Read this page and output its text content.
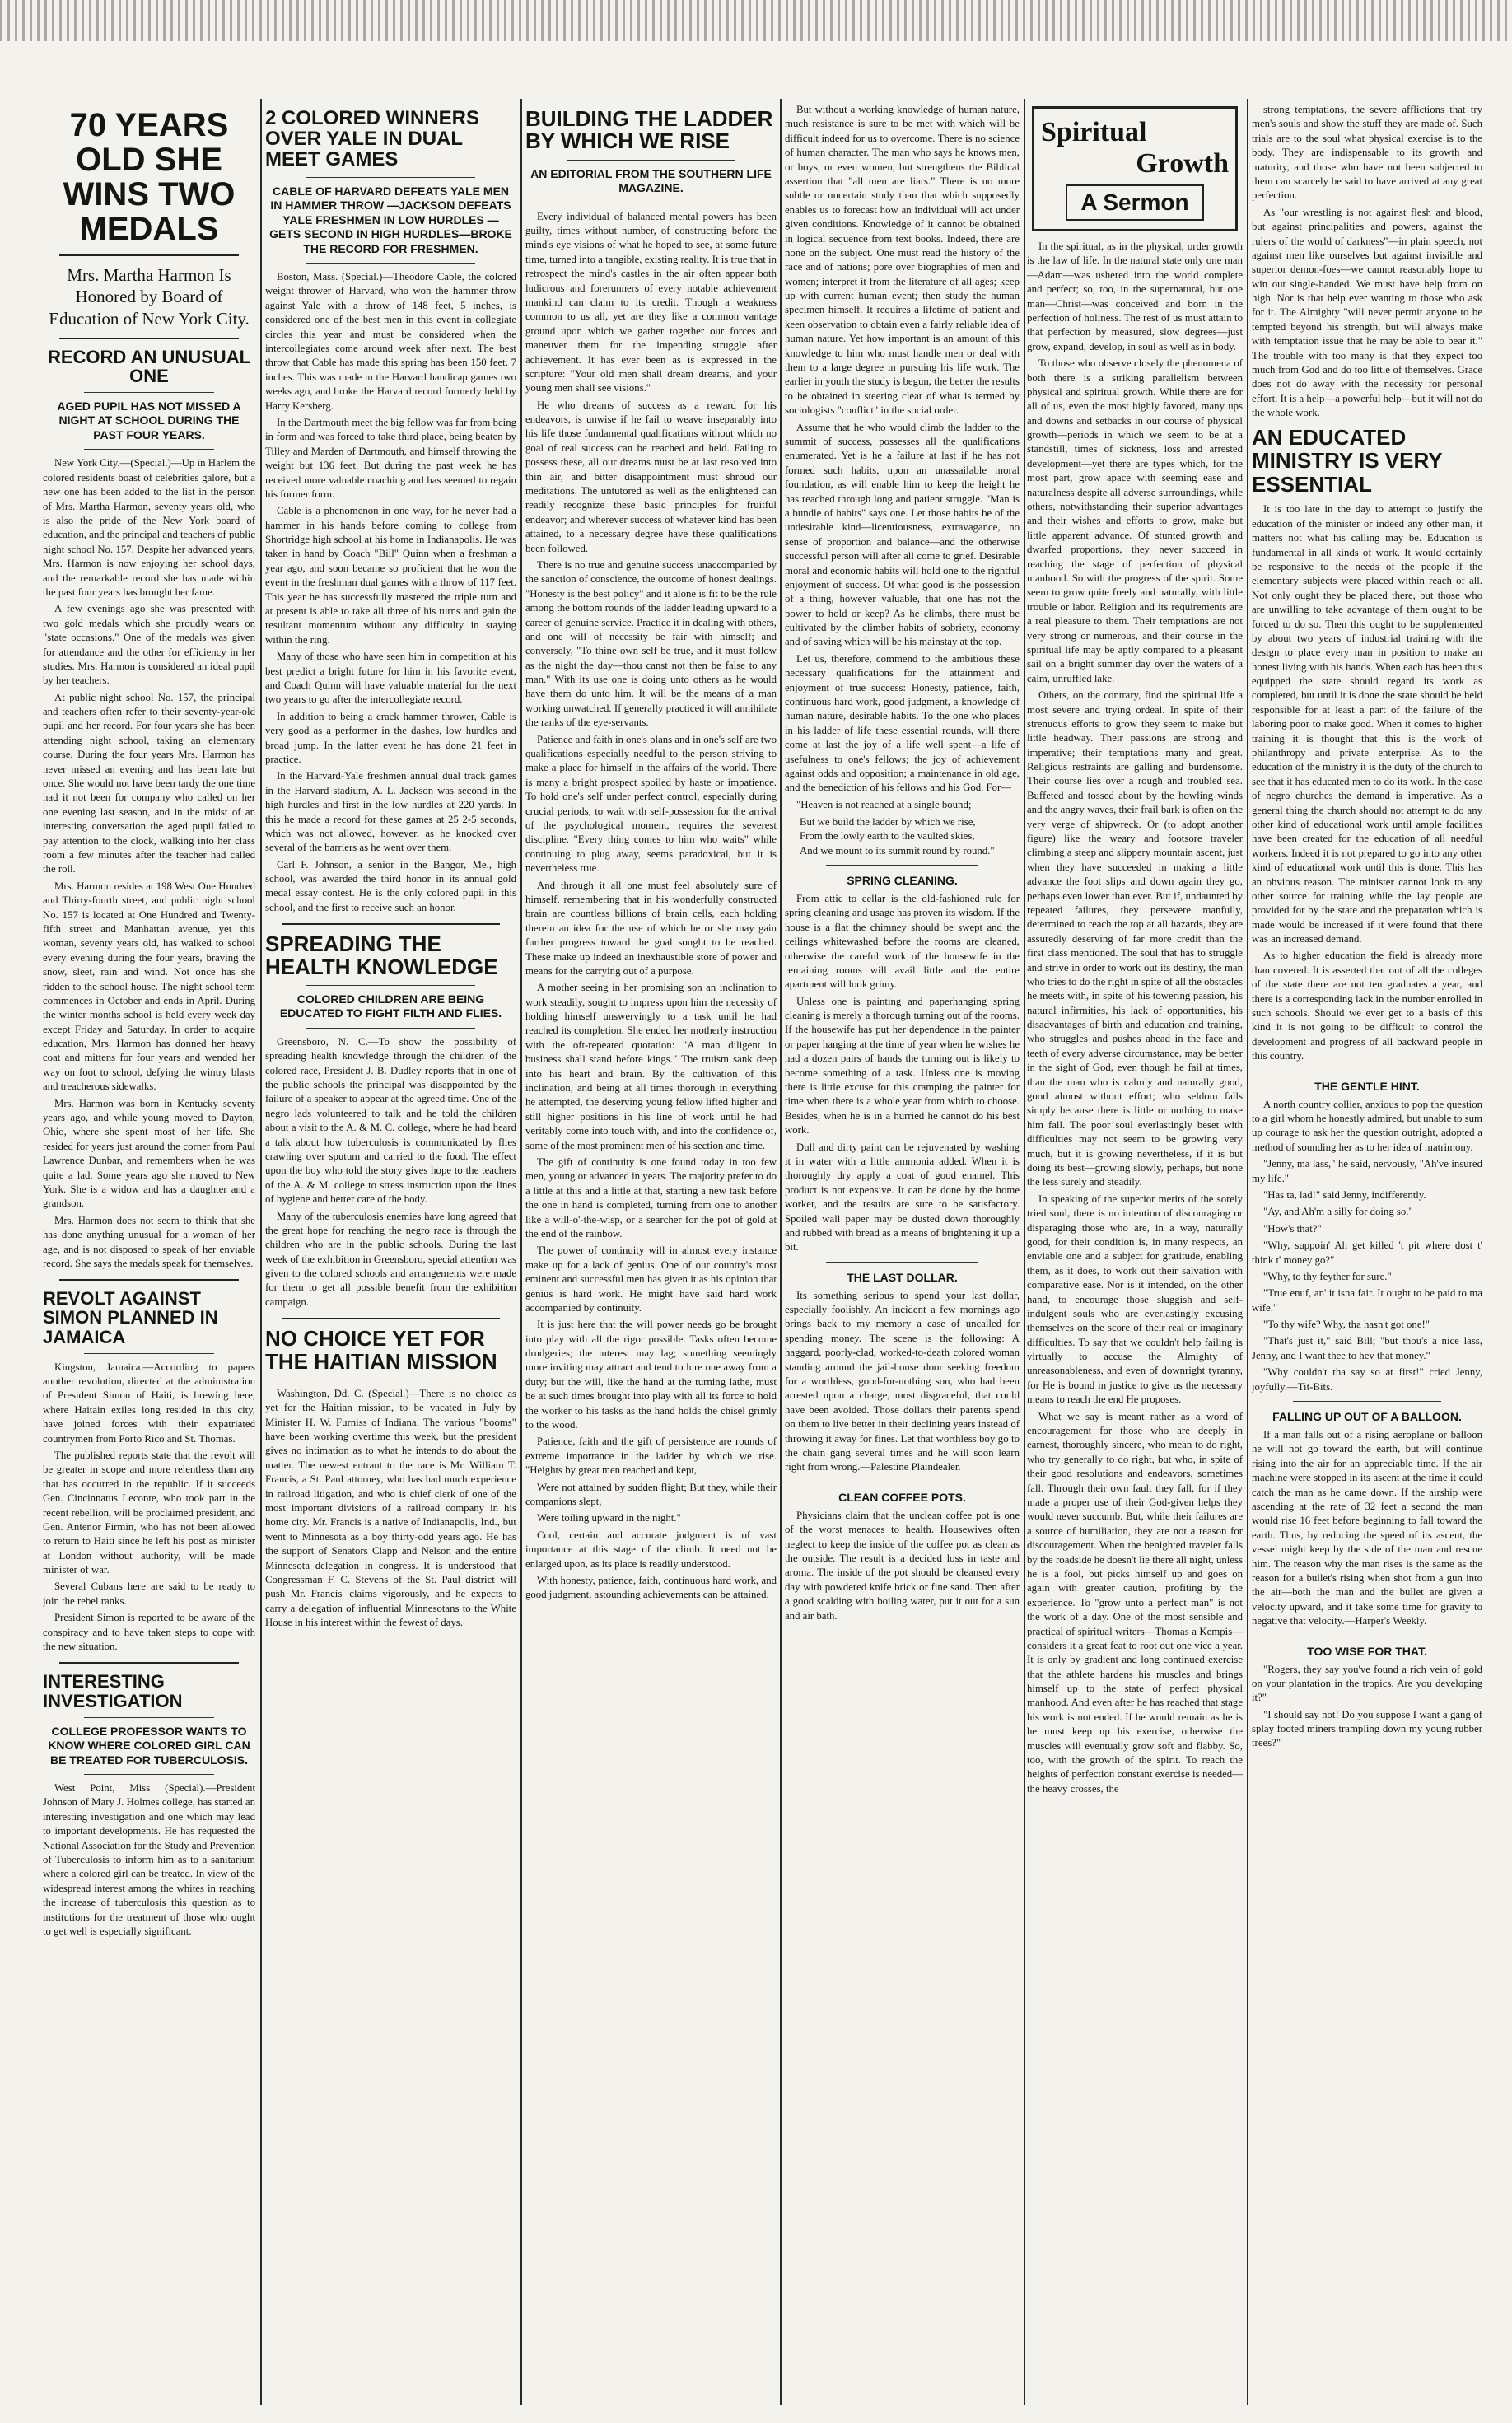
70 YEARS OLD SHE WINS TWO MEDALS
Mrs. Martha Harmon Is Honored by Board of Education of New York City.
RECORD AN UNUSUAL ONE
AGED PUPIL HAS NOT MISSED A NIGHT AT SCHOOL DURING THE PAST FOUR YEARS.

New York City.—(Special.)—Up in Harlem the colored residents boast of celebrities galore, but a new one has been added to the list in the person of Mrs. Martha Harmon, seventy years old, who is also the pride of the New York board of education, and the principal and teachers of public night school No. 157. Despite her advanced years, Mrs. Harmon is now enjoying her school days, and the remarkable record she has made within the past four years has brought her fame.

A few evenings ago she was presented with two gold medals which she proudly wears on "state occasions." One of the medals was given for attendance and the other for efficiency in her studies. Mrs. Harmon is considered an ideal pupil by her teachers.

At public night school No. 157, the principal and teachers often refer to their seventy-year-old pupil and her record. For four years she has been attending night school, taking an elementary course. During the four years Mrs. Harmon has never missed an evening and has been late but once. She would not have been tardy the one time had it not been for company who called on her one evening last season, and in the midst of an interesting conversation the aged pupil failed to pay attention to the clock, walking into her class room a few minutes after the teacher had called the roll.

Mrs. Harmon resides at 198 West One Hundred and Thirty-fourth street, and public night school No. 157 is located at One Hundred and Twenty-fifth street and Manhattan avenue, yet this woman, seventy years old, has walked to school every evening during the four years, braving the snow, sleet, rain and wind. Not once has she ridden to the school house. The night school term commences in October and ends in April. During the winter months school is held every week day except Friday and Saturday. In order to acquire education, Mrs. Harmon has donned her heavy coat and mittens for four years and wended her way on foot to school, defying the wintry blasts and treacherous sidewalks.

Mrs. Harmon was born in Kentucky seventy years ago, and while young moved to Dayton, Ohio, where she spent most of her life. She resided for years just around the corner from Paul Lawrence Dunbar, and remembers when he was quite a lad. Some years ago she moved to New York. She is a widow and has a daughter and a grandson.

Mrs. Harmon does not seem to think that she has done anything unusual for a woman of her age, and is not disposed to speak of her enviable record. She says the medals speak for themselves.

REVOLT AGAINST SIMON PLANNED IN JAMAICA

Kingston, Jamaica.—According to papers another revolution, directed at the administration of President Simon of Haiti, is brewing here, where Haitain exiles long resided in this city, have joined forces with their expatriated countrymen from Porto Rico and St. Thomas.

The published reports state that the revolt will be greater in scope and more relentless than any that has occurred in the republic. If it succeeds Gen. Cincinnatus Leconte, who took part in the recent rebellion, will be proclaimed president, and Gen. Antenor Firmin, who has not been allowed to return to Haiti since he left his post as minister at London without authority, will be made minister of war.

Several Cubans here are said to be ready to join the rebel ranks.

President Simon is reported to be aware of the conspiracy and to have taken steps to cope with the new situation.

INTERESTING INVESTIGATION
COLLEGE PROFESSOR WANTS TO KNOW WHERE COLORED GIRL CAN BE TREATED FOR TUBERCULOSIS.

West Point, Miss (Special).—President Johnson of Mary J. Holmes college, has started an interesting investigation and one which may lead to important developments. He has requested the National Association for the Study and Prevention of Tuberculosis to inform him as to a sanitarium where a colored girl can be treated. In view of the widespread interest among the whites in reaching the increase of tuberculosis this question as to institutions for the treatment of those who ought to get well is especially significant.

2 COLORED WINNERS OVER YALE IN DUAL MEET GAMES
CABLE OF HARVARD DEFEATS YALE MEN IN HAMMER THROW —JACKSON DEFEATS YALE FRESHMEN IN LOW HURDLES —GETS SECOND IN HIGH HURDLES—BROKE THE RECORD FOR FRESHMEN.

Boston, Mass. (Special.)—Theodore Cable, the colored weight thrower of Harvard, who won the hammer throw against Yale with a throw of 148 feet, 5 inches, is considered one of the best men in this event in collegiate circles this year and must be considered when the intercollegiates come around week after next. The best throw that Cable has made this spring has been 150 feet, 7 inches. This was made in the Harvard handicap games two weeks ago, and broke the Harvard record formerly held by Harry Kersberg.

In the Dartmouth meet the big fellow was far from being in form and was forced to take third place, being beaten by Tilley and Marden of Dartmouth, and himself throwing the weight but 136 feet. But during the past week he has received more valuable coaching and has seemed to regain his former form.

Cable is a phenomenon in one way, for he never had a hammer in his hands before coming to college from Shortridge high school at his home in Indianapolis. He was taken in hand by Coach "Bill" Quinn when a freshman a year ago, and soon became so proficient that he won the event in the freshman dual games with a throw of 117 feet. This year he has successfully mastered the triple turn and at present is able to take all three of his turns and gain the resultant momentum without any difficulty in staying within the ring.

Many of those who have seen him in competition at his best predict a bright future for him in his favorite event, and Coach Quinn will have valuable material for the next two years to go after the intercollegiate record.

In addition to being a crack hammer thrower, Cable is very good as a performer in the dashes, low hurdles and broad jump. In the latter event he has done 21 feet in practice.

In the Harvard-Yale freshmen annual dual track games in the Harvard stadium, A. L. Jackson was second in the high hurdles and first in the low hurdles at 220 yards. In this he made a record for these games at 25 2-5 seconds, which was not allowed, however, as he knocked over several of the barriers as he went over them.

Carl F. Johnson, a senior in the Bangor, Me., high school, was awarded the third honor in its annual gold medal essay contest. He is the only colored pupil in this school, and the first to receive such an honor.

SPREADING THE HEALTH KNOWLEDGE
COLORED CHILDREN ARE BEING EDUCATED TO FIGHT FILTH AND FLIES.

Greensboro, N. C.—To show the possibility of spreading health knowledge through the children of the colored race, President J. B. Dudley reports that in one of the public schools the principal was disappointed by the failure of a speaker to appear at the agreed time. One of the negro lads volunteered to talk and he told the children about a visit to the A. & M. C. college, where he had heard a talk about how tuberculosis is communicated by flies crawling over sputum and carried to the food. The effect upon the boy who told the story gives hope to the teachers of the A. & M. college to stress instruction upon the lines of hygiene and better care of the body.

Many of the tuberculosis enemies have long agreed that the great hope for reaching the negro race is through the children who are in the public schools. During the last week of the exhibition in Greensboro, special attention was given to the colored schools and arrangements were made for them to get all possible benefit from the exhibition campaign.

NO CHOICE YET FOR THE HAITIAN MISSION

Washington, Dd. C. (Special.)—There is no choice as yet for the Haitian mission, to be vacated in July by Minister H. W. Furniss of Indiana. The various "booms" have been working overtime this week, but the president gives no intimation as to what he intends to do about the matter. The newest entrant to the race is Mr. William T. Francis, a St. Paul attorney, who has had much experience in railroad litigation, and who is chief clerk of one of the most important divisions of a railroad company in his home city. Mr. Francis is a native of Indianapolis, Ind., but went to Minnesota as a boy thirty-odd years ago. He has the support of Senators Clapp and Nelson and the entire Minnesota delegation in congress. It is understood that Congressman F. C. Stevens of the St. Paul district will push Mr. Francis' claims vigorously, and he expects to carry a delegation of influential Minnesotans to the White House in his interest within the fewest of days.

BUILDING THE LADDER BY WHICH WE RISE
AN EDITORIAL FROM THE SOUTHERN LIFE MAGAZINE.

Every individual of balanced mental powers has been guilty, times without number, of constructing before the mind's eye visions of what he hoped to see, at some future time, turned into a tangible, existing reality. It is true that in retrospect the mind's castles in the air often appear both ludicrous and forerunners of every notable achievement mankind can claim to its credit. Though a weakness common to us all, yet are they like a common vantage ground upon which we gather together our forces and maneuver them for the impending struggle after achievement. It has ever been as is expressed in the scripture: "Your old men shall dream dreams, and your young men shall see visions."

He who dreams of success as a reward for his endeavors, is unwise if he fail to weave inseparably into his life those fundamental qualifications without which no goal of real success can be reached and held. Failing to possess these, all our dreams must be at last resolved into thin air, and bitter disappointment must shroud our meditations. The untutored as well as the enlightened can readily recognize these basic principles for fruitful endeavor; and wherever success of whatever kind has been attained, to a necessary degree have these qualifications been followed.

There is no true and genuine success unaccompanied by the sanction of conscience, the outcome of honest dealings. "Honesty is the best policy" and it alone is fit to be the rule among the bottom rounds of the ladder leading upward to a career of genuine service. Practice it in dealing with others, and one will of necessity be fair with himself; and conversely, "To thine own self be true, and it must follow as the night the day—thou canst not then be false to any man." With its use one is doing unto others as he would have them do unto him. It will be the means of a man working unwatched. If generally practiced it will annihilate the ranks of the eye-servants.

Patience and faith in one's plans and in one's self are two qualifications especially needful to the person striving to make a place for himself in the affairs of the world. There is many a bright prospect spoiled by haste or impatience. To hold one's self under perfect control, especially during crucial periods; to wait with self-possession for the arrival of the psychological moment, requires the severest discipline. "Every thing comes to him who waits" while continuing to plug away, seems paradoxical, but it is nevertheless true.

And through it all one must feel absolutely sure of himself, remembering that in his wonderfully constructed brain are countless billions of brain cells, each holding therein an idea for the use of which he or she may gain further progress toward the goal sought to be reached. These make up indeed an inexhaustible store of power and means for the carrying out of a purpose.

A mother seeing in her promising son an inclination to work steadily, sought to impress upon him the necessity of holding himself unswervingly to a task until he had reached its completion. She ended her motherly instruction with the oft-repeated quotation: "A man diligent in business shall stand before kings." The truism sank deep into his heart and brain. By the cultivation of this inclination, and being at all times thorough in everything he attempted, the deserving young fellow lifted higher and still higher positions in his line of work until he had veritably come into touch with, and into the confidence of, some of the most prominent men of his section and time.

The gift of continuity is one found today in too few men, young or advanced in years. The majority prefer to do a little at this and a little at that, starting a new task before the one in hand is completed, turning from one to another like a will-o'-the-wisp, or a searcher for the pot of gold at the end of the rainbow.

The power of continuity will in almost every instance make up for a lack of genius. One of our country's most eminent and successful men has given it as his opinion that genius is hard work. He might have said hard work accompanied by continuity.

It is just here that the will power needs go be brought into play with all the rigor possible. Tasks often become drudgeries; the interest may lag; something seemingly more inviting may attract and tend to lure one away from a duty; but the will, like the hand at the turning lathe, must be at such times brought into play with all its force to hold the worker to his tasks as the hand holds the chisel grimly to the wood.

Patience, faith and the gift of persistence are rounds of extreme importance in the ladder by which we rise. "Heights by great men reached and kept,

Were not attained by sudden flight; But they, while their companions slept,

Were toiling upward in the night."

Cool, certain and accurate judgment is of vast importance at this stage of the climb. It need not be enlarged upon, as its place is readily understood.

With honesty, patience, faith, continuous hard work, and good judgment, astounding achievements can be attained.

But without a working knowledge of human nature, much resistance is sure to be met with which will be difficult indeed for us to overcome. There is no science of human character. The man who says he knows men, or boys, or even women, but strengthens the Biblical assertion that "all men are liars." There is no more subtle or uncertain study than that which supposedly enables us to forecast how an individual will act under given conditions. Knowledge of it cannot be obtained in logical sequence from text books. Indeed, there are none on the subject. One must read the history of the race and of nations; pore over biographies of men and women; interpret it from the literature of all ages; keep up with current human event; then study the human specimen himself. It requires a lifetime of patient and keen observation to obtain even a fairly reliable idea of human nature. Yet how important is an amount of this knowledge to him who must handle men or deal with them to a large degree in pursuing his life work. The earlier in youth the study is begun, the better the results to be obtained in steering clear of what is termed by sociologists "conflict" in the social order.

Assume that he who would climb the ladder to the summit of success, possesses all the qualifications enumerated. Yet is he a failure at last if he has not formed such habits, upon an unassailable moral foundation, as will enable him to keep the height he has reached through long and patient struggle. "Man is a bundle of habits" says one. Let those habits be of the undesirable kind—licentiousness, extravagance, no sense of proportion and balance—and the otherwise successful person will after all come to grief. Desirable moral and economic habits will hold one to the rightful enjoyment of success. Of what good is the possession of a thing, however valuable, that one has not the power to hold or keep? As he climbs, there must be cultivated by the climber habits of sobriety, economy and of saving which will be his mainstay at the top.

Let us, therefore, commend to the ambitious these necessary qualifications for the attainment and enjoyment of true success: Honesty, patience, faith, continuous hard work, good judgment, a knowledge of human nature, desirable habits. To the one who places in his ladder of life these essential rounds, will there come at last the joy of a life well spent—a life of usefulness to one's fellows; the joy of achievement against odds and opposition; a maintenance in old age, and the benediction of his fellows and his God. For—

"Heaven is not reached at a single bound;

But we build the ladder by which we rise,
From the lowly earth to the vaulted skies,
And we mount to its summit round by round."
SPRING CLEANING.

From attic to cellar is the old-fashioned rule for spring cleaning and usage has proven its wisdom. If the house is a flat the chimney should be swept and the ceilings whitewashed before the rooms are cleaned, otherwise the careful work of the housewife in the remaining rooms will avail little and the entire apartment will look grimy.

Unless one is painting and paperhanging spring cleaning is merely a thorough turning out of the rooms. If the housewife has put her dependence in the painter or paper hanging at the time of year when he wishes he had a dozen pairs of hands the turning out is likely to become something of a task. Unless one is moving there is little excuse for this cramping the painter for time when there is a whole year from which to choose. Besides, when he is in a hurried he cannot do his best work.

Dull and dirty paint can be rejuvenated by washing it in water with a little ammonia added. When it is thoroughly dry apply a coat of good enamel. This product is not expensive. It can be done by the home worker, and the results are sure to be satisfactory. Spoiled wall paper may be dusted down thoroughly and rubbed with bread as a means of brightening it up a bit.

THE LAST DOLLAR.

Its something serious to spend your last dollar, especially foolishly. An incident a few mornings ago brings back to my memory a case of uncalled for spending money. The scene is the following: A haggard, poorly-clad, worked-to-death colored woman standing around the jail-house door seeking freedom for a worthless, good-for-nothing son, who had been arrested upon a charge, most disgraceful, that could have been avoided. Those dollars their parents spend on them to live better in their declining years instead of throwing it away for fines. Let that worthless boy go to the chain gang several times and he will soon learn right from wrong.—Palestine Plaindealer.

CLEAN COFFEE POTS.

Physicians claim that the unclean coffee pot is one of the worst menaces to health. Housewives often neglect to keep the inside of the coffee pot as clean as the outside. The result is a decided loss in taste and aroma. The inside of the pot should be cleansed every day with powdered knife brick or fine sand. Then after a good scalding with boiling water, put it out for a sun and air bath.

Spiritual
Growth
A Sermon

In the spiritual, as in the physical, order growth is the law of life. In the natural state only one man—Adam—was ushered into the world complete and perfect; so, too, in the supernatural, but one man—Christ—was conceived and born in the perfection of holiness. The rest of us must attain to that perfection by measured, slow degrees—just grow, expand, develop, in soul as well as in body.

To those who observe closely the phenomena of both there is a striking parallelism between physical and spiritual growth. While there are for all of us, even the most highly favored, many ups and downs and setbacks in our course of physical growth—periods in which we seem to be at a standstill, times of sickness, loss and arrested development—yet there are types which, for the most part, grow apace with seeming ease and naturalness despite all adverse surroundings, while others, notwithstanding their superior advantages and their wishes and efforts to grow, make but little apparent advance. Of stunted growth and dwarfed proportions, they never succeed in reaching the stage of perfection of physical manhood. So with the progress of the spirit. Some seem to grow quite freely and naturally, with little trouble or labor. Religion and its requirements are a real pleasure to them. Their temptations are not very strong or numerous, and their course in the spiritual life may be aptly compared to a pleasant sail on a bright summer day over the waters of a calm, unruffled lake.

Others, on the contrary, find the spiritual life a most severe and trying ordeal. In spite of their strenuous efforts to grow they seem to make but little headway. Their passions are strong and imperative; their temptations many and great. Religious restraints are galling and burdensome. Their course lies over a rough and troubled sea. Buffeted and tossed about by the howling winds and the angry waves, their frail bark is often on the very verge of shipwreck. Or (to adopt another figure) like the weary and footsore traveler climbing a steep and slippery mountain ascent, just when they have succeeded in making a little advance the foot slips and down again they go, perhaps even lower than ever. But if, undaunted by repeated failures, they persevere manfully, determined to reach the top at all hazards, they are assuredly deserving of far more credit than the first class mentioned. The soul that has to struggle and strive in order to work out its destiny, the man who tries to do the right in spite of all the obstacles he meets with, in spite of his towering passion, his natural infirmities, his lack of opportunities, his disadvantages of birth and education and training, who struggles and pushes ahead in the face and teeth of every adverse circumstance, may be better in the sight of God, even though he fail at times, than the man who is calmly and naturally good, good almost without effort; who seldom falls simply because there is little or nothing to make him fall. The poor soul everlastingly beset with difficulties may not seem to be growing very much, but it is growing nevertheless, if it is but doing its best—growing slowly, perhaps, but none the less surely and steadily.

In speaking of the superior merits of the sorely tried soul, there is no intention of discouraging or disparaging those who are, in a way, naturally good, for their condition is, in many respects, an enviable one and a subject for gratitude, enabling them, as it does, to work out their salvation with comparative ease. Nor is it intended, on the other hand, to encourage those sluggish and self-indulgent souls who are everlastingly excusing themselves on the score of their real or imaginary difficulties. To say that we couldn't help failing is virtually to accuse the Almighty of unreasonableness, and even of downright tyranny, for He is bound in justice to give us the necessary means to reach the end He proposes.

What we say is meant rather as a word of encouragement for those who are deeply in earnest, thoroughly sincere, who mean to do right, who try generally to do right, but who, in spite of their good resolutions and endeavors, sometimes fall. Through their own fault they fall, for if they made a proper use of their God-given helps they would never succumb. But, while their failures are a source of humiliation, they are not a reason for discouragement. When the benighted traveler falls by the roadside he doesn't lie there all night, unless he is a fool, but picks himself up and goes on again with greater caution, profiting by the experience. To "grow unto a perfect man" is not the work of a day. One of the most sensible and practical of spiritual writers—Thomas a Kempis—considers it a great feat to root out one vice a year. It is only by gradient and long continued exercise that the athlete hardens his muscles and brings himself up to the state of perfect physical manhood. And even after he has reached that stage his work is not ended. If he would remain as he is he must keep up his exercise, otherwise the muscles will eventually grow soft and flabby. So, too, with the growth of the spirit. To reach the heights of perfection constant exercise is needed—the heavy crosses, the

strong temptations, the severe afflictions that try men's souls and show the stuff they are made of. Such trials are to the soul what physical exercise is to the body. They are indispensable to its growth and maturity, and those who have not been subjected to them can scarcely be said to have arrived at any great perfection.

As "our wrestling is not against flesh and blood, but against principalities and powers, against the rulers of the world of darkness"—in plain speech, not against men like ourselves but against invisible and superior demon-foes—we cannot reasonably hope to win out single-handed. We must have help from on high. Nor is that help ever wanting to those who ask for it. The Almighty "will never permit anyone to be tempted beyond his strength, but will always make with temptation issue that he may be able to bear it." The trouble with too many is that they expect too much from God and do too little of themselves. Grace does not do away with the necessity for personal effort. It is a help—a powerful help—but it will not do the whole work.

AN EDUCATED MINISTRY IS VERY ESSENTIAL

It is too late in the day to attempt to justify the education of the minister or indeed any other man, it matters not what his calling may be. Education is fundamental in all kinds of work. It would certainly be responsive to the needs of the people if the elementary subjects were placed within reach of all. Not only ought they be placed there, but those who are unwilling to take advantage of them ought to be forced to do so. Then this ought to be supplemented by about two years of industrial training with the design to place every man in position to make an honest living with his hands. When each has been thus equipped the state should regard its work as completed, but until it is done the state should be held responsible for at least a part of the failure of the laboring poor to make good. When it comes to higher training it is thought that this is the work of philanthropy and private enterprise. As to the education of the ministry it is the duty of the church to see that it has educated men to do its work. In the case of negro churches the demand is imperative. As a general thing the church should not attempt to do any other kind of educational work until ample facilities have been created for the education of all needful workers. Indeed it is not prepared to go into any other kind of educational work until this is done. This has an obvious reason. The minister cannot look to any other source for training while the lay people are provided for by the state and the preparation which is made would be increased if it were found that there was an increased demand.

As to higher education the field is already more than covered. It is asserted that out of all the colleges of the state there are not ten graduates a year, and there is a corresponding lack in the number enrolled in such schools. Should we ever get to a basis of this kind it is not going to be difficult to control the development and progress of all backward people in this country.

THE GENTLE HINT.

A north country collier, anxious to pop the question to a girl whom he honestly admired, but unable to sum up courage to ask her the question outright, adopted a method of sounding her as to her idea of matrimony.

"Jenny, ma lass," he said, nervously, "Ah've insured my life."

"Has ta, lad!" said Jenny, indifferently.

"Ay, and Ah'm a silly for doing so."

"How's that?"

"Why, suppoin' Ah get killed 't pit where dost t' think t' money go?"

"Why, to thy feyther for sure."

"True enuf, an' it isna fair. It ought to be paid to ma wife."

"To thy wife? Why, tha hasn't got one!"

"That's just it," said Bill; "but thou's a nice lass, Jenny, and I want thee to hev that money."

"Why couldn't tha say so at first!" cried Jenny, joyfully.—Tit-Bits.

FALLING UP OUT OF A BALLOON.

If a man falls out of a rising aeroplane or balloon he will not go toward the earth, but will continue rising into the air for an appreciable time. If the air machine were stopped in its ascent at the time it could catch the man as he came down. If the airship were ascending at the rate of 32 feet a second the man would rise 16 feet before beginning to fall toward the earth. Thus, by reducing the speed of its ascent, the vessel might keep by the side of the man and rescue him. The reason why the man rises is the same as the reason for a bullet's rising when shot from a gun into the air—both the man and the bullet are given a velocity upward, and it take some time for gravity to negative that velocity.—Harper's Weekly.

TOO WISE FOR THAT.

"Rogers, they say you've found a rich vein of gold on your plantation in the tropics. Are you developing it?"

"I should say not! Do you suppose I want a gang of splay footed miners trampling down my young rubber trees?"
